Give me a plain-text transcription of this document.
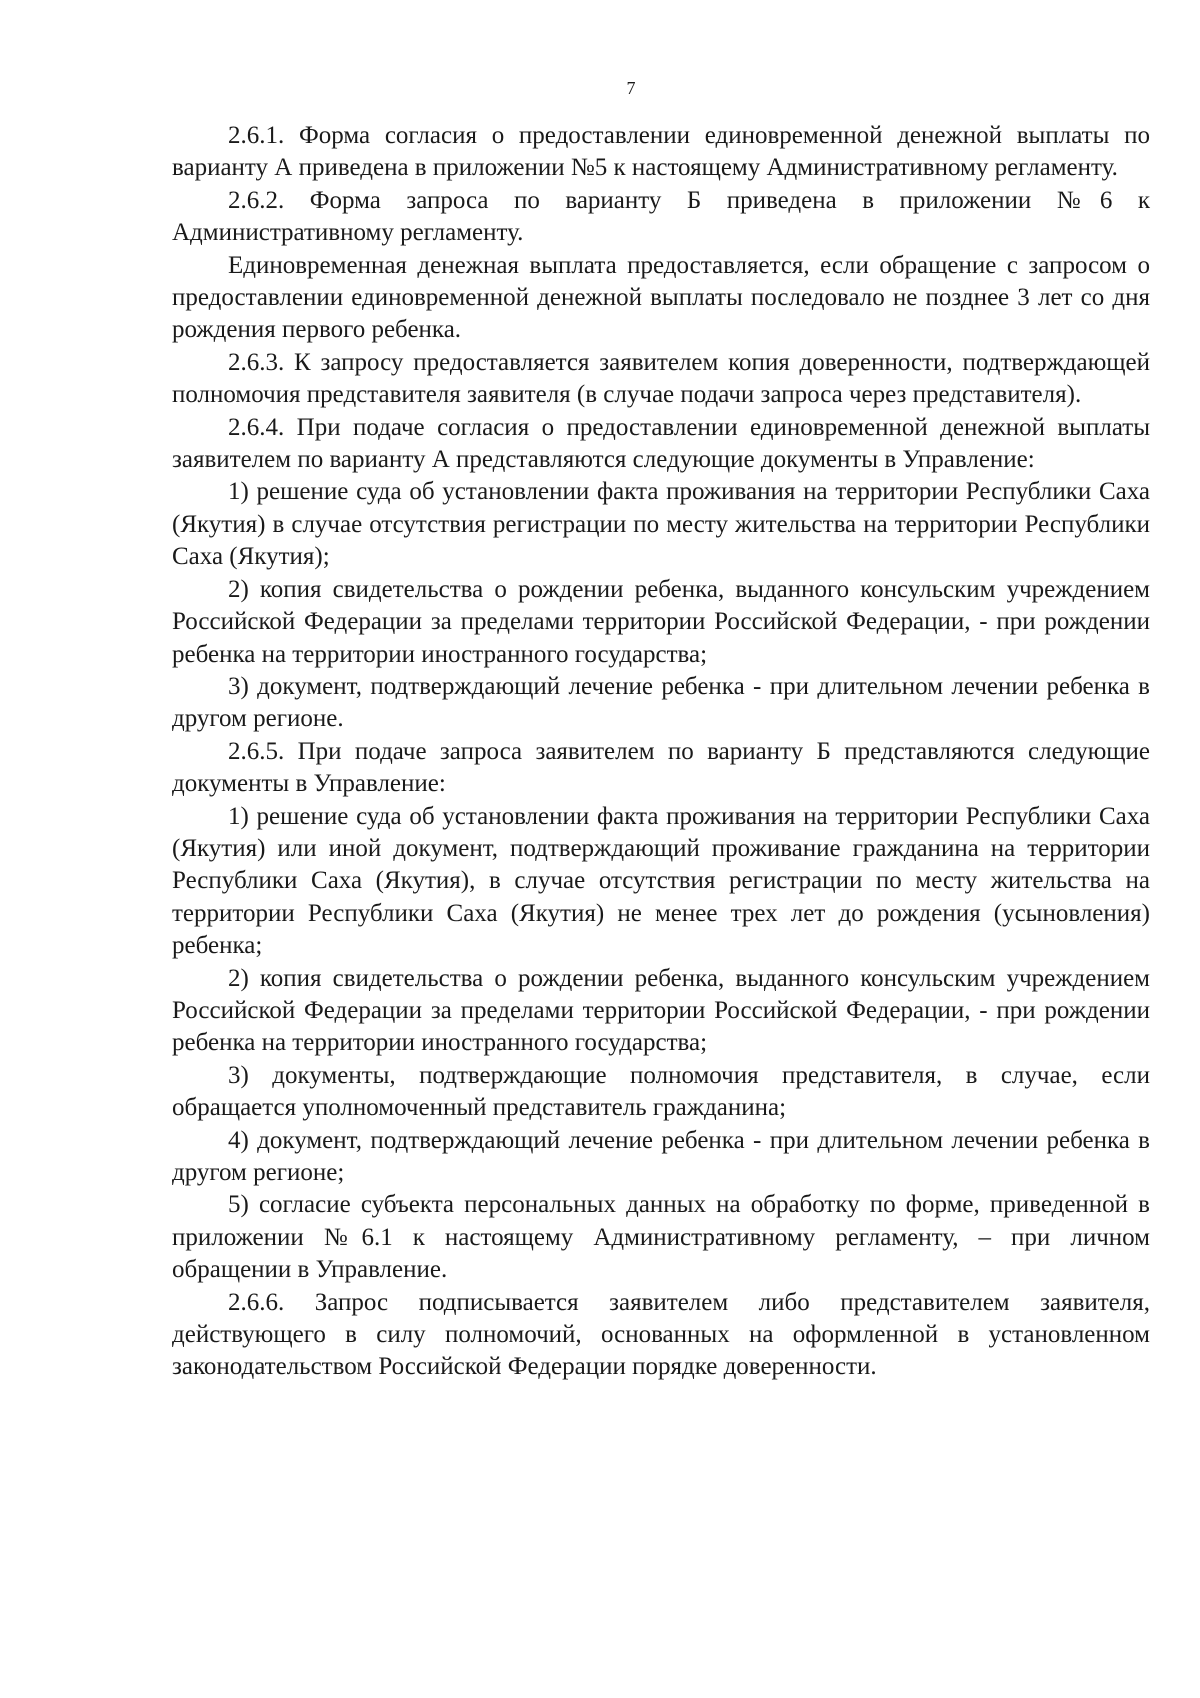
7

2.6.1. Форма согласия о предоставлении единовременной денежной выплаты по варианту А приведена в приложении №5 к настоящему Административному регламенту.

2.6.2. Форма запроса по варианту Б приведена в приложении №6 к Административному регламенту.

Единовременная денежная выплата предоставляется, если обращение с запросом о предоставлении единовременной денежной выплаты последовало не позднее 3 лет со дня рождения первого ребенка.

2.6.3. К запросу предоставляется заявителем копия доверенности, подтверждающей полномочия представителя заявителя (в случае подачи запроса через представителя).

2.6.4. При подаче согласия о предоставлении единовременной денежной выплаты заявителем по варианту А представляются следующие документы в Управление:

1) решение суда об установлении факта проживания на территории Республики Саха (Якутия) в случае отсутствия регистрации по месту жительства на территории Республики Саха (Якутия);

2) копия свидетельства о рождении ребенка, выданного консульским учреждением Российской Федерации за пределами территории Российской Федерации, - при рождении ребенка на территории иностранного государства;

3) документ, подтверждающий лечение ребенка - при длительном лечении ребенка в другом регионе.

2.6.5. При подаче запроса заявителем по варианту Б представляются следующие документы в Управление:

1) решение суда об установлении факта проживания на территории Республики Саха (Якутия) или иной документ, подтверждающий проживание гражданина на территории Республики Саха (Якутия), в случае отсутствия регистрации по месту жительства на территории Республики Саха (Якутия) не менее трех лет до рождения (усыновления) ребенка;

2) копия свидетельства о рождении ребенка, выданного консульским учреждением Российской Федерации за пределами территории Российской Федерации, - при рождении ребенка на территории иностранного государства;

3) документы, подтверждающие полномочия представителя, в случае, если обращается уполномоченный представитель гражданина;

4) документ, подтверждающий лечение ребенка - при длительном лечении ребенка в другом регионе;

5) согласие субъекта персональных данных на обработку по форме, приведенной в приложении №6.1 к настоящему Административному регламенту, – при личном обращении в Управление.

2.6.6. Запрос подписывается заявителем либо представителем заявителя, действующего в силу полномочий, основанных на оформленной в установленном законодательством Российской Федерации порядке доверенности.
